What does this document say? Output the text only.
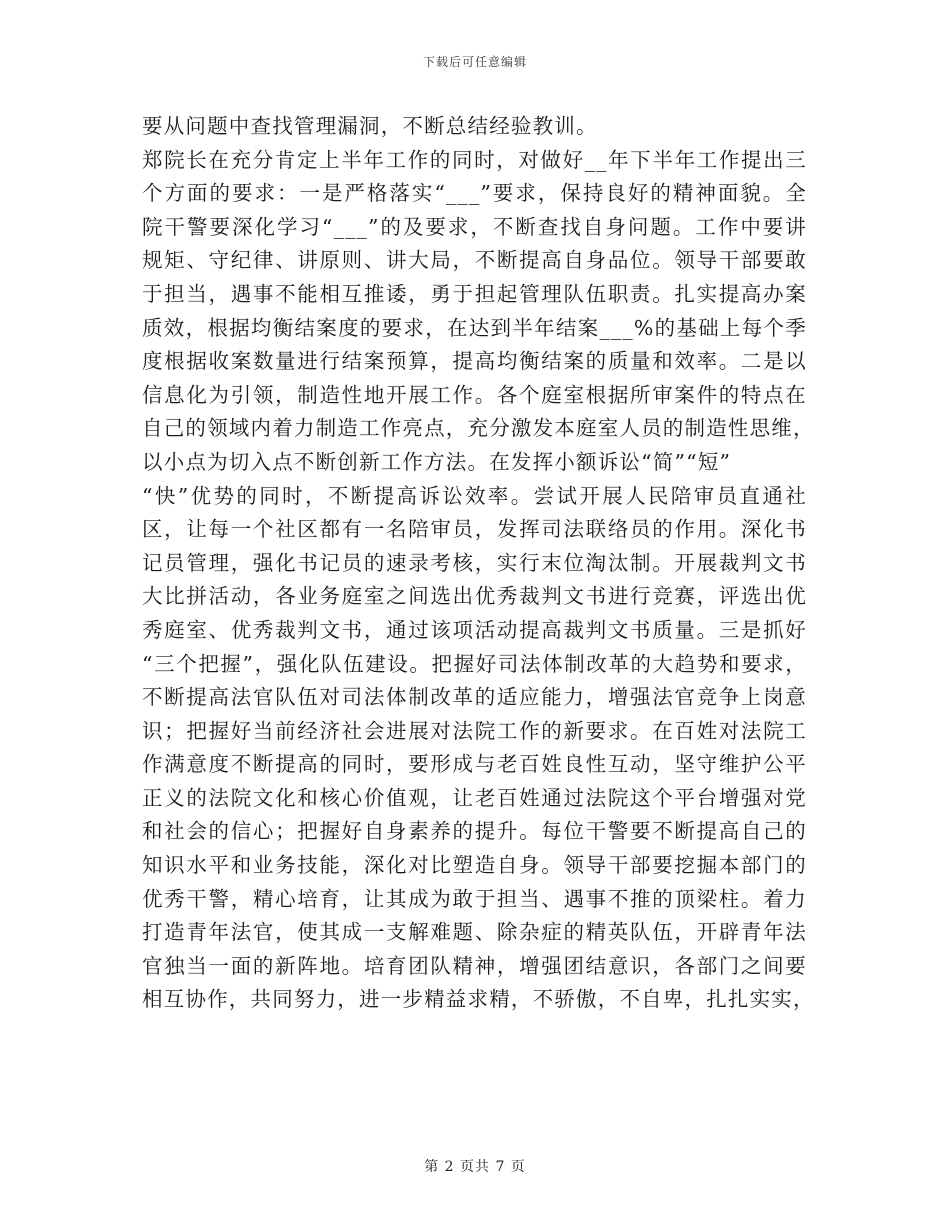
下载后可任意编辑
要从问题中查找管理漏洞，不断总结经验教训。
郑院长在充分肯定上半年工作的同时，对做好__年下半年工作提出三
个方面的要求：一是严格落实“___”要求，保持良好的精神面貌。全
院干警要深化学习“___”的及要求，不断查找自身问题。工作中要讲
规矩、守纪律、讲原则、讲大局，不断提高自身品位。领导干部要敢
于担当，遇事不能相互推诿，勇于担起管理队伍职责。扎实提高办案
质效，根据均衡结案度的要求，在达到半年结案___%的基础上每个季
度根据收案数量进行结案预算，提高均衡结案的质量和效率。二是以
信息化为引领，制造性地开展工作。各个庭室根据所审案件的特点在
自己的领域内着力制造工作亮点，充分激发本庭室人员的制造性思维，
以小点为切入点不断创新工作方法。在发挥小额诉讼“简”“短”
“快”优势的同时，不断提高诉讼效率。尝试开展人民陪审员直通社
区，让每一个社区都有一名陪审员，发挥司法联络员的作用。深化书
记员管理，强化书记员的速录考核，实行末位淘汰制。开展裁判文书
大比拼活动，各业务庭室之间选出优秀裁判文书进行竞赛，评选出优
秀庭室、优秀裁判文书，通过该项活动提高裁判文书质量。三是抓好
“三个把握”，强化队伍建设。把握好司法体制改革的大趋势和要求，
不断提高法官队伍对司法体制改革的适应能力，增强法官竞争上岗意
识；把握好当前经济社会进展对法院工作的新要求。在百姓对法院工
作满意度不断提高的同时，要形成与老百姓良性互动，坚守维护公平
正义的法院文化和核心价值观，让老百姓通过法院这个平台增强对党
和社会的信心；把握好自身素养的提升。每位干警要不断提高自己的
知识水平和业务技能，深化对比塑造自身。领导干部要挖掘本部门的
优秀干警，精心培育，让其成为敢于担当、遇事不推的顶梁柱。着力
打造青年法官，使其成一支解难题、除杂症的精英队伍，开辟青年法
官独当一面的新阵地。培育团队精神，增强团结意识，各部门之间要
相互协作，共同努力，进一步精益求精，不骄傲，不自卑，扎扎实实，
第 2 页共 7 页
